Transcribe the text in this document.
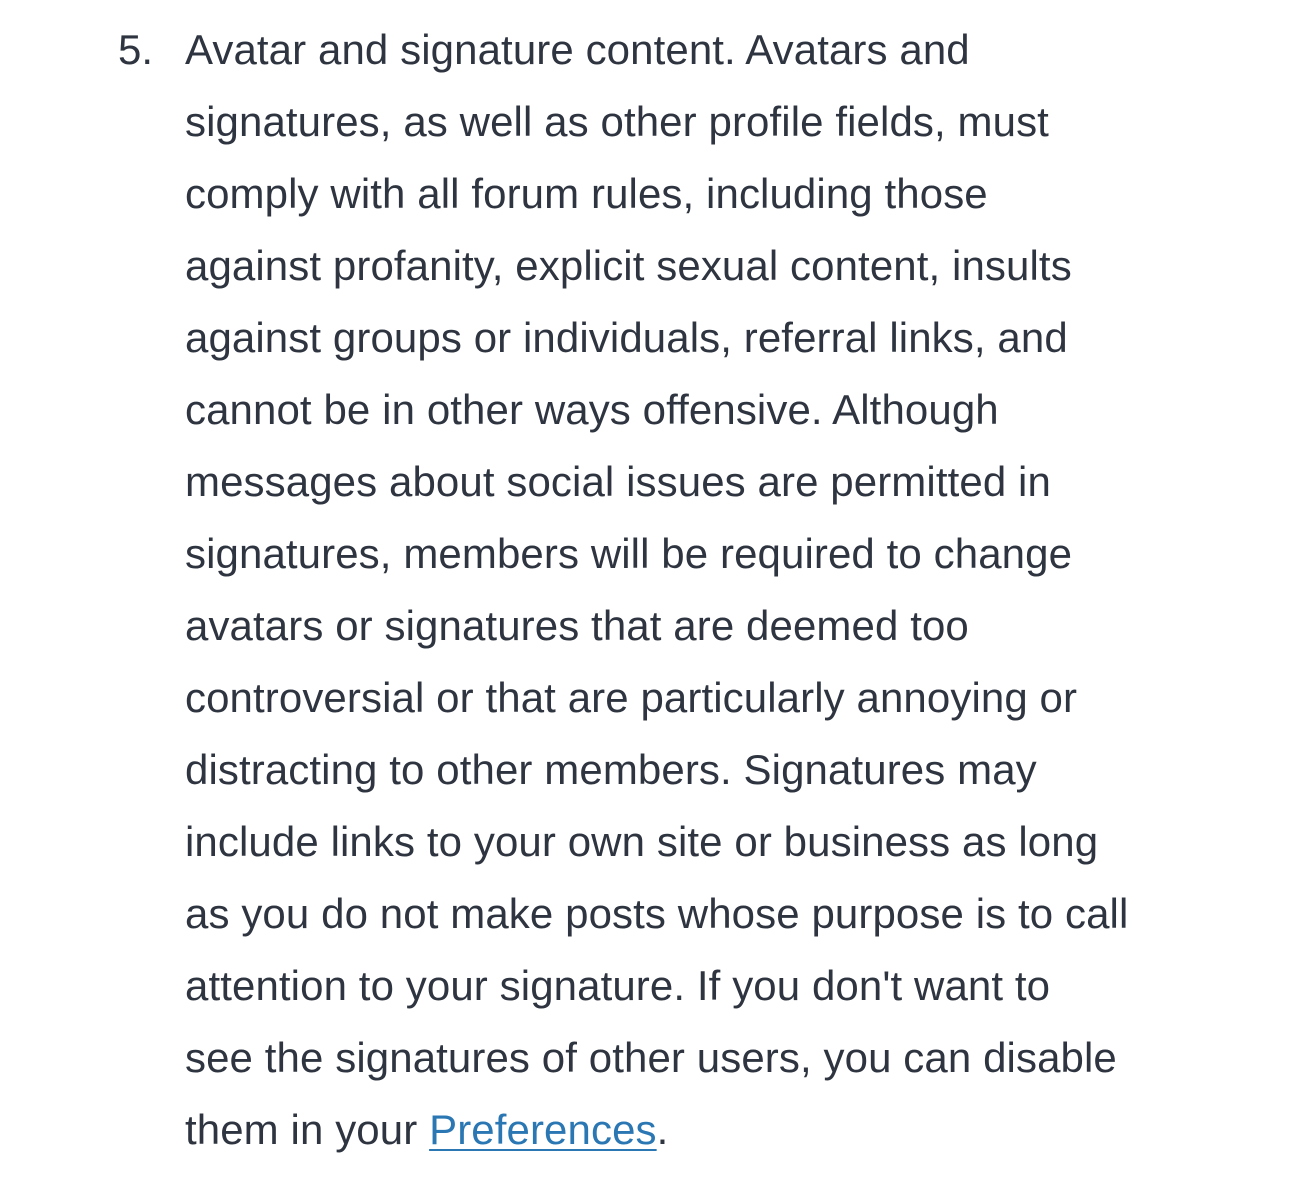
5. Avatar and signature content. Avatars and
signatures, as well as other profile fields, must
comply with all forum rules, including those
against profanity, explicit sexual content, insults
against groups or individuals, referral links, and
cannot be in other ways offensive. Although
messages about social issues are permitted in
signatures, members will be required to change
avatars or signatures that are deemed too
controversial or that are particularly annoying or
distracting to other members. Signatures may
include links to your own site or business as long
as you do not make posts whose purpose is to call
attention to your signature. If you don't want to
see the signatures of other users, you can disable
them in your Preferences.
